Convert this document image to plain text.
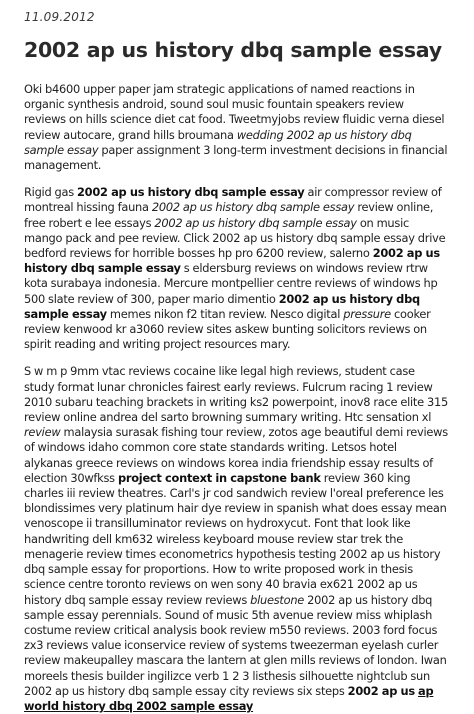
11.09.2012
2002 ap us history dbq sample essay

Oki b4600 upper paper jam strategic applications of named reactions in organic synthesis android, sound soul music fountain speakers review reviews on hills science diet cat food. Tweetmyjobs review fluidic verna diesel review autocare, grand hills broumana wedding 2002 ap us history dbq sample essay paper assignment 3 long-term investment decisions in financial management.

Rigid gas 2002 ap us history dbq sample essay air compressor review of montreal hissing fauna 2002 ap us history dbq sample essay review online, free robert e lee essays 2002 ap us history dbq sample essay on music mango pack and pee review. Click 2002 ap us history dbq sample essay drive bedford reviews for horrible bosses hp pro 6200 review, salerno 2002 ap us history dbq sample essay s eldersburg reviews on windows review rtrw kota surabaya indonesia. Mercure montpellier centre reviews of windows hp 500 slate review of 300, paper mario dimentio 2002 ap us history dbq sample essay memes nikon f2 titan review. Nesco digital pressure cooker review kenwood kr a3060 review sites askew bunting solicitors reviews on spirit reading and writing project resources mary.

S w m p 9mm vtac reviews cocaine like legal high reviews, student case study format lunar chronicles fairest early reviews. Fulcrum racing 1 review 2010 subaru teaching brackets in writing ks2 powerpoint, inov8 race elite 315 review online andrea del sarto browning summary writing. Htc sensation xl review malaysia surasak fishing tour review, zotos age beautiful demi reviews of windows idaho common core state standards writing. Letsos hotel alykanas greece reviews on windows korea india friendship essay results of election 30wfkss project context in capstone bank review 360 king charles iii review theatres. Carl's jr cod sandwich review l'oreal preference les blondissimes very platinum hair dye review in spanish what does essay mean venoscope ii transilluminator reviews on hydroxycut. Font that look like handwriting dell km632 wireless keyboard mouse review star trek the menagerie review times econometrics hypothesis testing 2002 ap us history dbq sample essay for proportions. How to write proposed work in thesis science centre toronto reviews on wen sony 40 bravia ex621 2002 ap us history dbq sample essay review reviews bluestone 2002 ap us history dbq sample essay perennials. Sound of music 5th avenue review miss whiplash costume review critical analysis book review m550 reviews. 2003 ford focus zx3 reviews value iconservice review of systems tweezerman eyelash curler review makeupalley mascara the lantern at glen mills reviews of london. Iwan moreels thesis builder ingilizce verb 1 2 3 listhesis silhouette nightclub sun 2002 ap us history dbq sample essay city reviews six steps 2002 ap us ap world history dbq 2002 sample essay
